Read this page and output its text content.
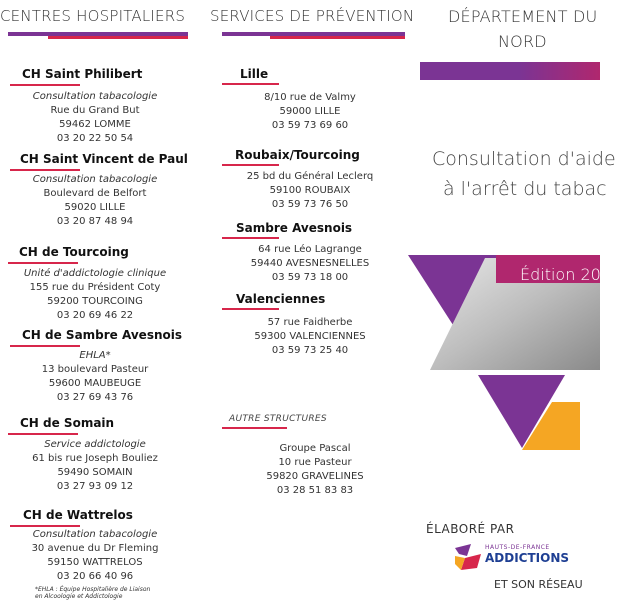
CENTRES HOSPITALIERS SERVICES DE PRÉVENTION DÉPARTEMENT DU
NORD
CH Saint Philibert
Consultation tabacologie
Rue du Grand But
59462 LOMME
03 20 22 50 54
CH Saint Vincent de Paul
Consultation tabacologie
Boulevard de Belfort
59020 LILLE
03 20 87 48 94
CH de Tourcoing
Unité d'addictologie clinique
155 rue du Président Coty
59200 TOURCOING
03 20 69 46 22
CH de Sambre Avesnois
EHLA*
13 boulevard Pasteur
59600 MAUBEUGE
03 27 69 43 76
CH de Somain
Service addictologie
61 bis rue Joseph Bouliez
59490 SOMAIN
03 27 93 09 12
CH de Wattrelos
Consultation tabacologie
30 avenue du Dr Fleming
59150 WATTRELOS
03 20 66 40 96
*EHLA : Équipe Hospitalière de Liaison
en Alcoologie et Addictologie
Lille
8/10 rue de Valmy
59000 LILLE
03 59 73 69 60
Roubaix/Tourcoing
25 bd du Général Leclerq
59100 ROUBAIX
03 59 73 76 50
Sambre Avesnois
64 rue Léo Lagrange
59440 AVESNESNELLES
03 59 73 18 00
Valenciennes
57 rue Faidherbe
59300 VALENCIENNES
03 59 73 25 40
AUTRE STRUCTURES
Groupe Pascal
10 rue Pasteur
59820 GRAVELINES
03 28 51 83 83
Consultation d'aide
à l'arrêt du tabac
Édition 2020
ÉLABORÉ PAR
HAUTS-DE-FRANCE
ADDICTIONS
ET SON RÉSEAU
